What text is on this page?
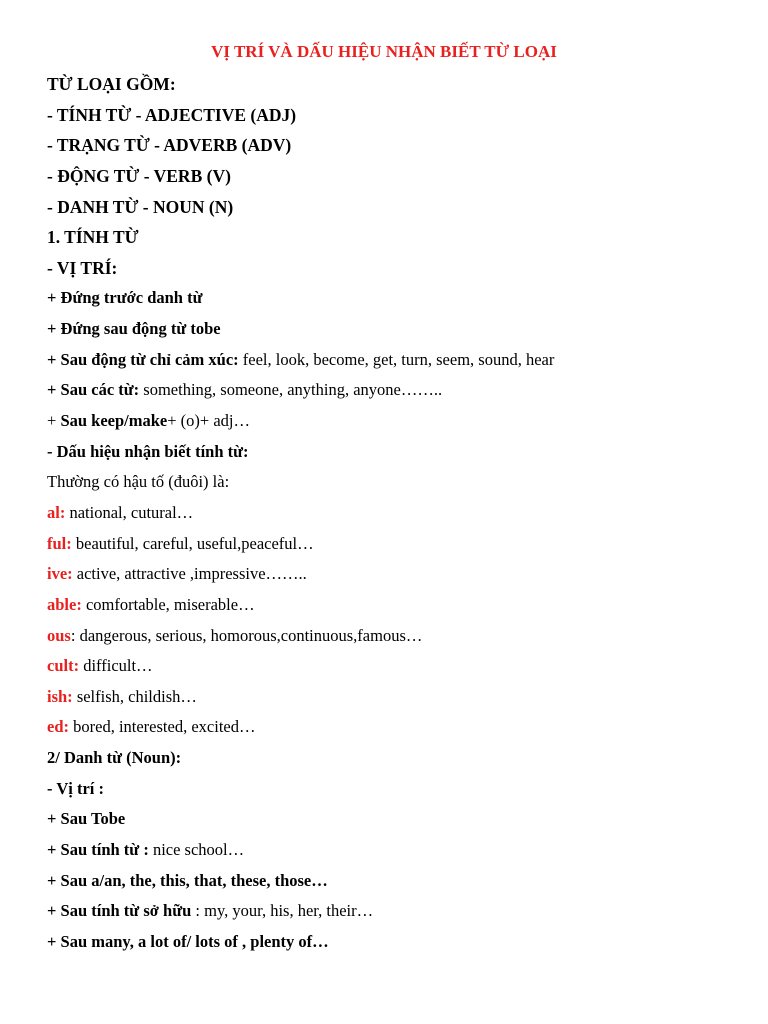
VỊ TRÍ VÀ DẤU HIỆU NHẬN BIẾT TỪ LOẠI
TỪ LOẠI GỒM:
- TÍNH TỪ - ADJECTIVE (ADJ)
- TRẠNG TỪ - ADVERB (ADV)
- ĐỘNG TỪ - VERB (V)
- DANH TỪ - NOUN (N)
1. TÍNH TỪ
- VỊ TRÍ:
+ Đứng trước danh từ
+ Đứng sau động từ tobe
+ Sau động từ chỉ cảm xúc: feel, look, become, get, turn, seem, sound, hear
+ Sau các từ: something, someone, anything, anyone……..
+ Sau keep/make+ (o)+ adj…
- Dấu hiệu nhận biết tính từ:
Thường có hậu tố (đuôi) là:
al: national, cutural…
ful: beautiful, careful, useful,peaceful…
ive: active, attractive ,impressive……..
able: comfortable, miserable…
ous: dangerous, serious, homorous,continuous,famous…
cult: difficult…
ish: selfish, childish…
ed: bored, interested, excited…
2/ Danh từ (Noun):
- Vị trí :
+ Sau Tobe
+ Sau tính từ : nice school…
+ Sau a/an, the, this, that, these, those…
+ Sau tính từ sở hữu : my, your, his, her, their…
+ Sau many, a lot of/ lots of , plenty of…
